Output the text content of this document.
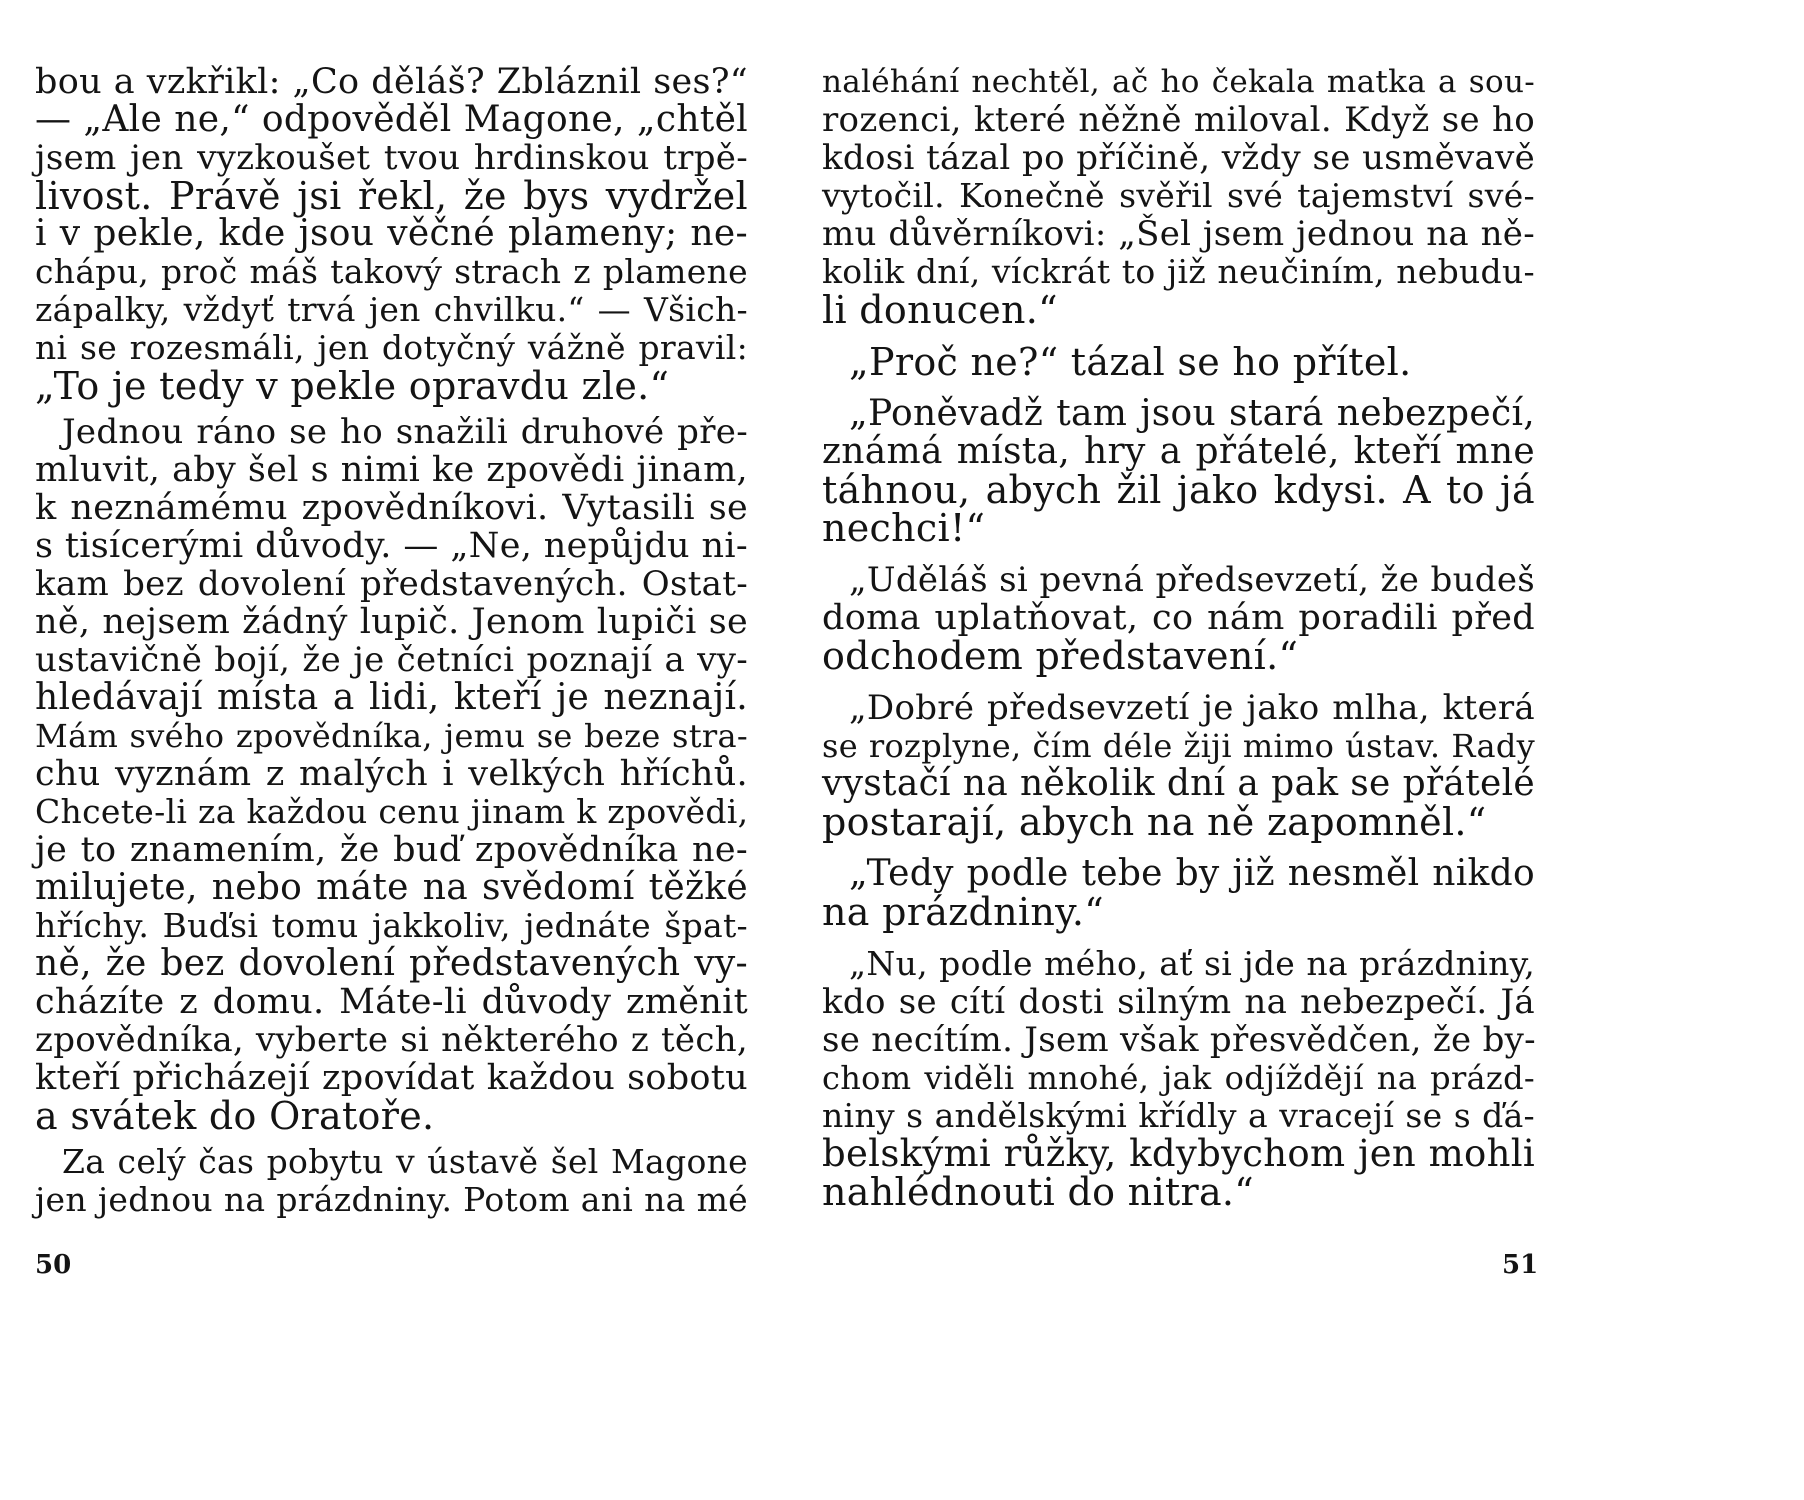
bou a vzkřikl: „Co děláš? Zbláznil ses?“
— „Ale ne,“ odpověděl Magone, „chtěl
jsem jen vyzkoušet tvou hrdinskou trpě-
livost. Právě jsi řekl, že bys vydržel
i v pekle, kde jsou věčné plameny; ne-
chápu, proč máš takový strach z plamene
zápalky, vždyť trvá jen chvilku.“ — Všich-
ni se rozesmáli, jen dotyčný vážně pravil:
„To je tedy v pekle opravdu zle.“
Jednou ráno se ho snažili druhové pře-
mluvit, aby šel s nimi ke zpovědi jinam,
k neznámému zpovědníkovi. Vytasili se
s tisícerými důvody. — „Ne, nepůjdu ni-
kam bez dovolení představených. Ostat-
ně, nejsem žádný lupič. Jenom lupiči se
ustavičně bojí, že je četníci poznají a vy-
hledávají místa a lidi, kteří je neznají.
Mám svého zpovědníka, jemu se beze stra-
chu vyznám z malých i velkých hříchů.
Chcete-li za každou cenu jinam k zpovědi,
je to znamením, že buď zpovědníka ne-
milujete, nebo máte na svědomí těžké
hříchy. Buďsi tomu jakkoliv, jednáte špat-
ně, že bez dovolení představených vy-
cházíte z domu. Máte-li důvody změnit
zpovědníka, vyberte si některého z těch,
kteří přicházejí zpovídat každou sobotu
a svátek do Oratoře.
Za celý čas pobytu v ústavě šel Magone
jen jednou na prázdniny. Potom ani na mé
50
naléhání nechtěl, ač ho čekala matka a sou-
rozenci, které něžně miloval. Když se ho
kdosi tázal po příčině, vždy se usměvavě
vytočil. Konečně svěřil své tajemství své-
mu důvěrníkovi: „Šel jsem jednou na ně-
kolik dní, víckrát to již neučiním, nebudu-
li donucen.“
„Proč ne?“ tázal se ho přítel.
„Poněvadž tam jsou stará nebezpečí,
známá místa, hry a přátelé, kteří mne
táhnou, abych žil jako kdysi. A to já
nechci!“
„Uděláš si pevná předsevzetí, že budeš
doma uplatňovat, co nám poradili před
odchodem představení.“
„Dobré předsevzetí je jako mlha, která
se rozplyne, čím déle žiji mimo ústav. Rady
vystačí na několik dní a pak se přátelé
postarají, abych na ně zapomněl.“
„Tedy podle tebe by již nesměl nikdo
na prázdniny.“
„Nu, podle mého, ať si jde na prázdniny,
kdo se cítí dosti silným na nebezpečí. Já
se necítím. Jsem však přesvědčen, že by-
chom viděli mnohé, jak odjíždějí na prázd-
niny s andělskými křídly a vracejí se s ďá-
belskými růžky, kdybychom jen mohli
nahlédnouti do nitra.“
51
